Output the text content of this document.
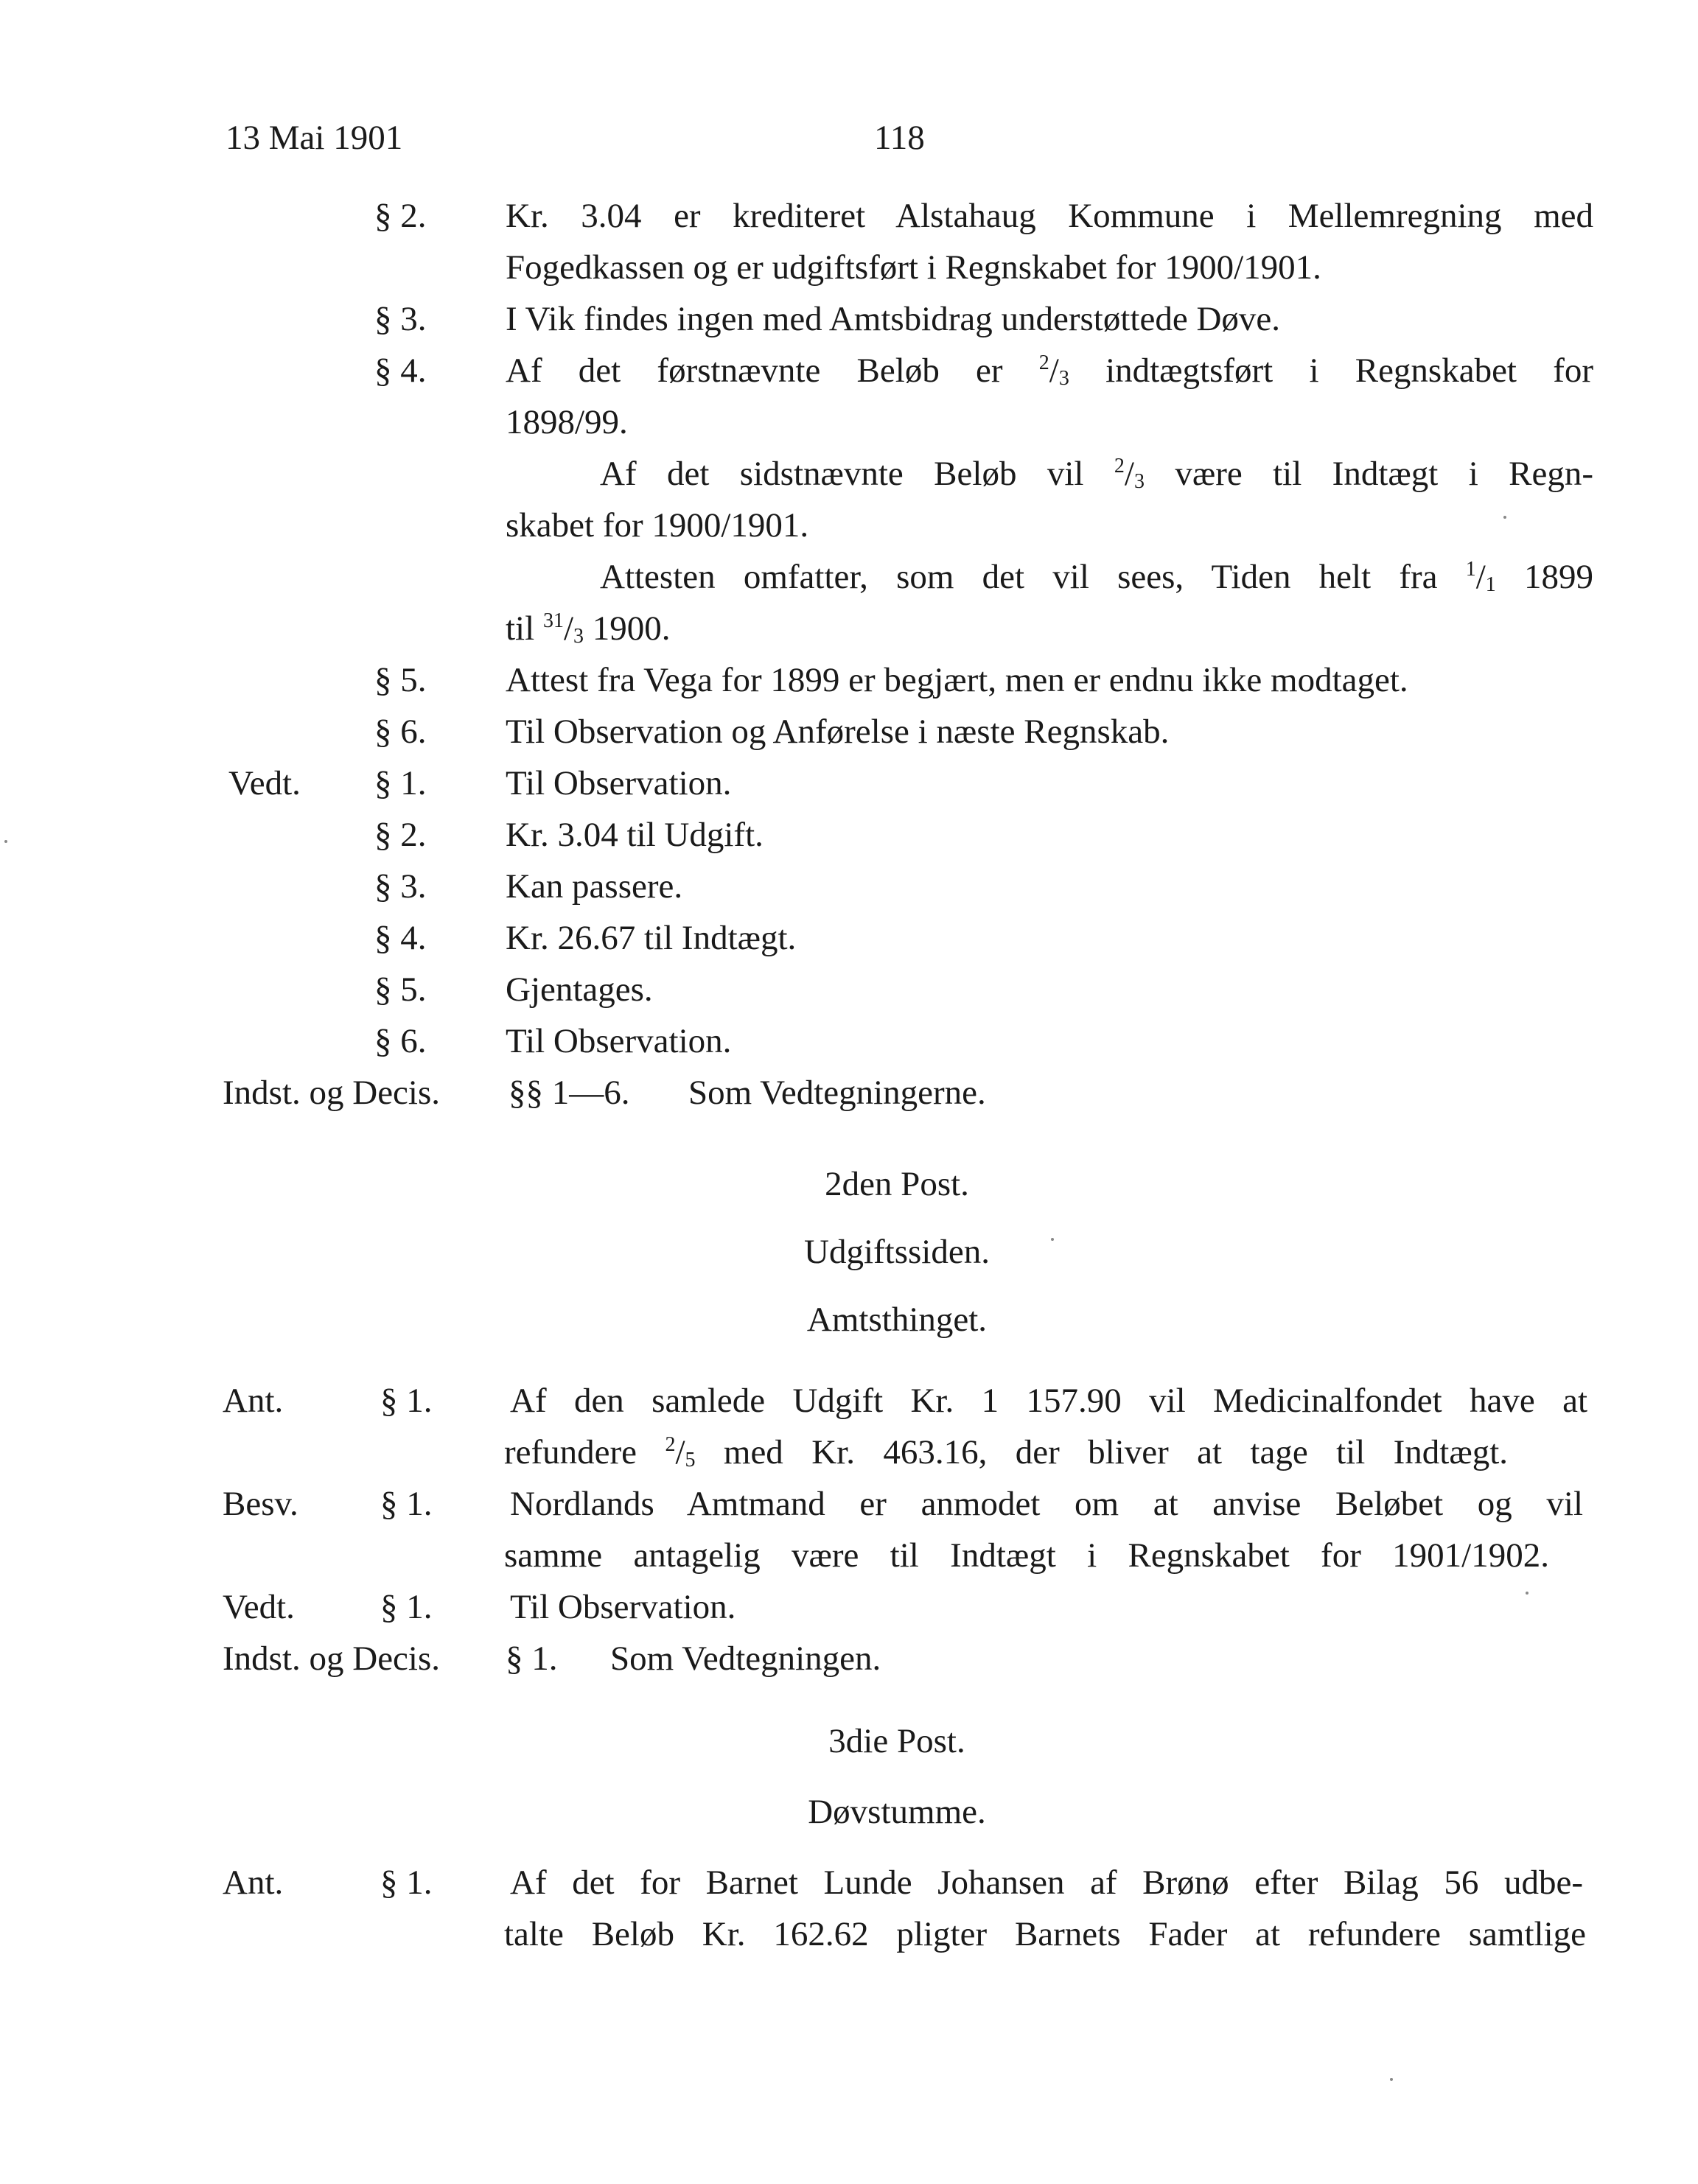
13 Mai 1901	118
§ 2. Kr. 3.04 er krediteret Alstahaug Kommune i Mellemregning med
Fogedkassen og er udgiftsført i Regnskabet for 1900/1901.
§ 3. I Vik findes ingen med Amtsbidrag understøttede Døve.
§ 4. Af det førstnævnte Beløb er $^2/_3$ indtægtsført i Regnskabet for
1898/99.
Af det sidstnævnte Beløb vil $^2/_3$ være til Indtægt i Regn-
skabet for 1900/1901.
Attesten omfatter, som det vil sees, Tiden helt fra $^1/_1$ 1899
til $^{31}/_3$ 1900.
§ 5. Attest fra Vega for 1899 er begjært, men er endnu ikke modtaget.
§ 6. Til Observation og Anførelse i næste Regnskab.
Vedt. § 1. Til Observation.
§ 2. Kr. 3.04 til Udgift.
§ 3. Kan passere.
§ 4. Kr. 26.67 til Indtægt.
§ 5. Gjentages.
§ 6. Til Observation.
Indst. og Decis. §§ 1—6. Som Vedtegningerne.
2den Post.
Udgiftssiden.
Amtsthinget.
Ant.	§ 1. Af den samlede Udgift Kr. 1 157.90 vil Medicinalfondet have at
refundere $^2/_5$ med Kr. 463.16, der bliver at tage til Indtægt.
Besv. § 1. Nordlands Amtmand er anmodet om at anvise Beløbet og vil
samme antagelig være til Indtægt i Regnskabet for 1901/1902.
Vedt. § 1. Til Observation.
Indst. og Decis. § 1. Som Vedtegningen.
3die Post.
Døvstumme.
Ant.	§ 1. Af det for Barnet Lunde Johansen af Brønø efter Bilag 56 udbe-
talte Beløb Kr. 162.62 pligter Barnets Fader at refundere samtlige
